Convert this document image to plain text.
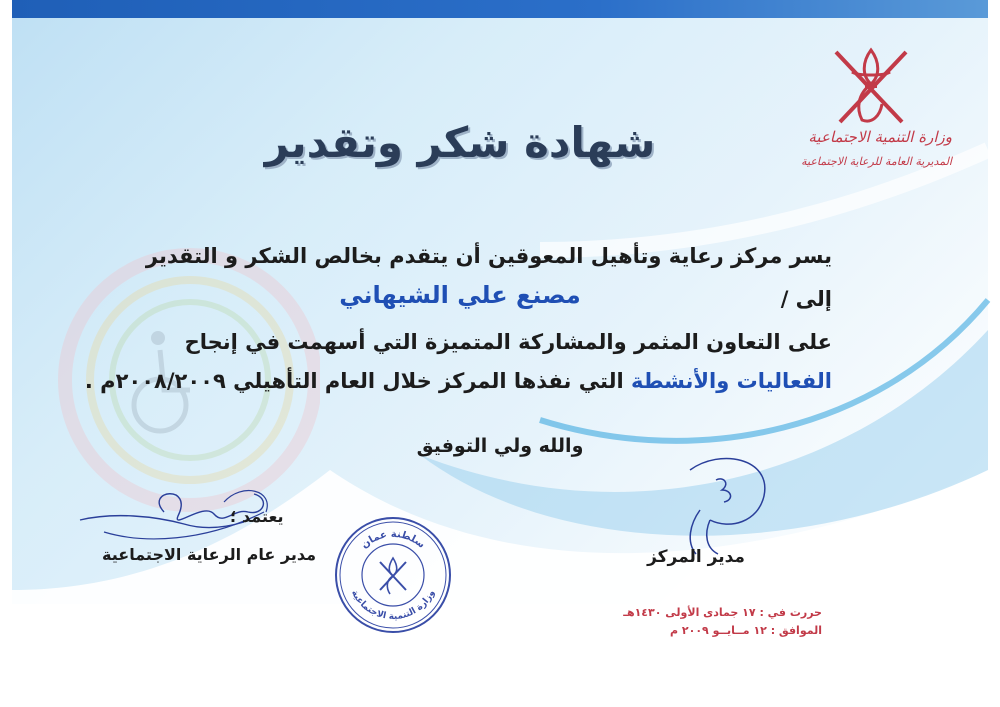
وزارة التنمية الاجتماعية
المديرية العامة للرعاية الاجتماعية
شهادة شكر وتقدير
يسر مركز رعاية وتأهيل المعوقين أن يتقدم بخالص الشكر و التقدير
إلى /
مصنع علي الشيهاني
على التعاون المثمر والمشاركة المتميزة التي أسهمت في إنجاح
الفعاليات والأنشطة التي نفذها المركز خلال العام التأهيلي ٢٠٠٨/٢٠٠٩م .
والله ولي التوفيق
يعتمد ؛
مدير عام الرعاية الاجتماعية
سلطنة عمان
وزارة التنمية الاجتماعية
مدير المركز
حررت في : ١٧ جمادى الأولى ١٤٣٠هـ
الموافق : ١٢ مــايــو ٢٠٠٩ م
